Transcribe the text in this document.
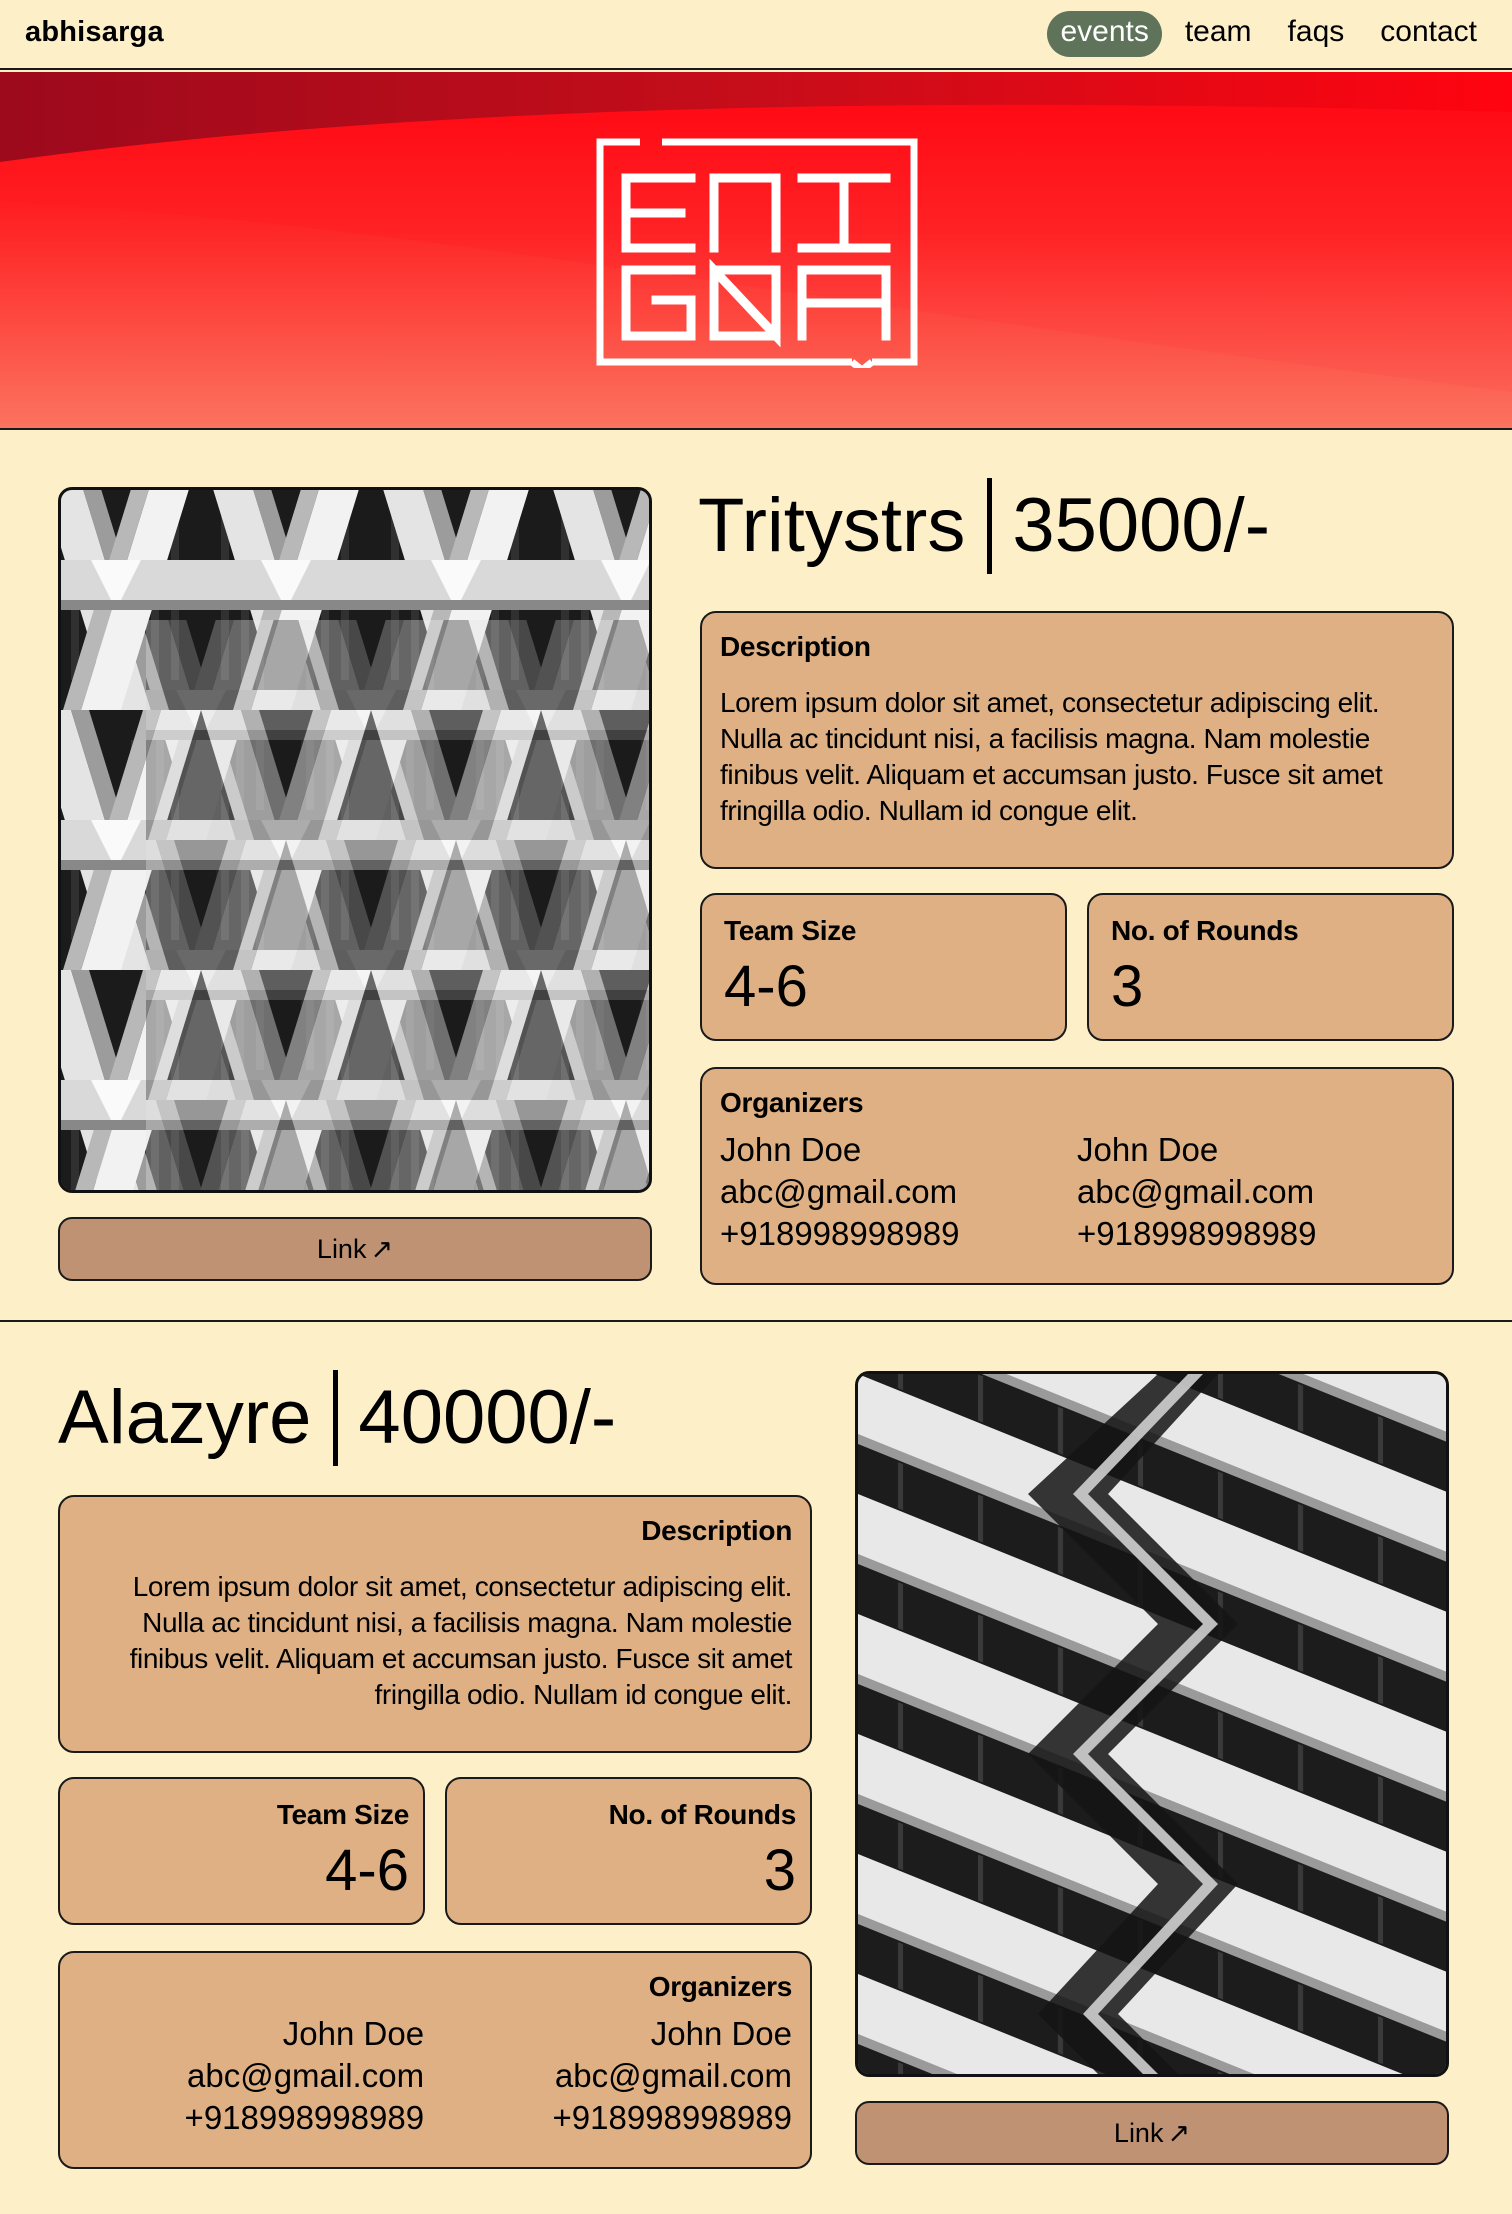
abhisarga	events	team	faqs	contact
Link ↗
Tritystrs 35000/-
Description
Lorem ipsum dolor sit amet, consectetur adipiscing elit. Nulla ac tincidunt nisi, a facilisis magna. Nam molestie finibus velit. Aliquam et accumsan justo. Fusce sit amet fringilla odio. Nullam id congue elit.
Team Size
4-6
No. of Rounds
3
Organizers
John Doe
abc@gmail.com
+918998998989
John Doe
abc@gmail.com
+918998998989
Alazyre 40000/-
Description
Lorem ipsum dolor sit amet, consectetur adipiscing elit. Nulla ac tincidunt nisi, a facilisis magna. Nam molestie finibus velit. Aliquam et accumsan justo. Fusce sit amet fringilla odio. Nullam id congue elit.
Team Size
4-6
No. of Rounds
3
Organizers
John Doe
abc@gmail.com
+918998998989
John Doe
abc@gmail.com
+918998998989	Link ↗
